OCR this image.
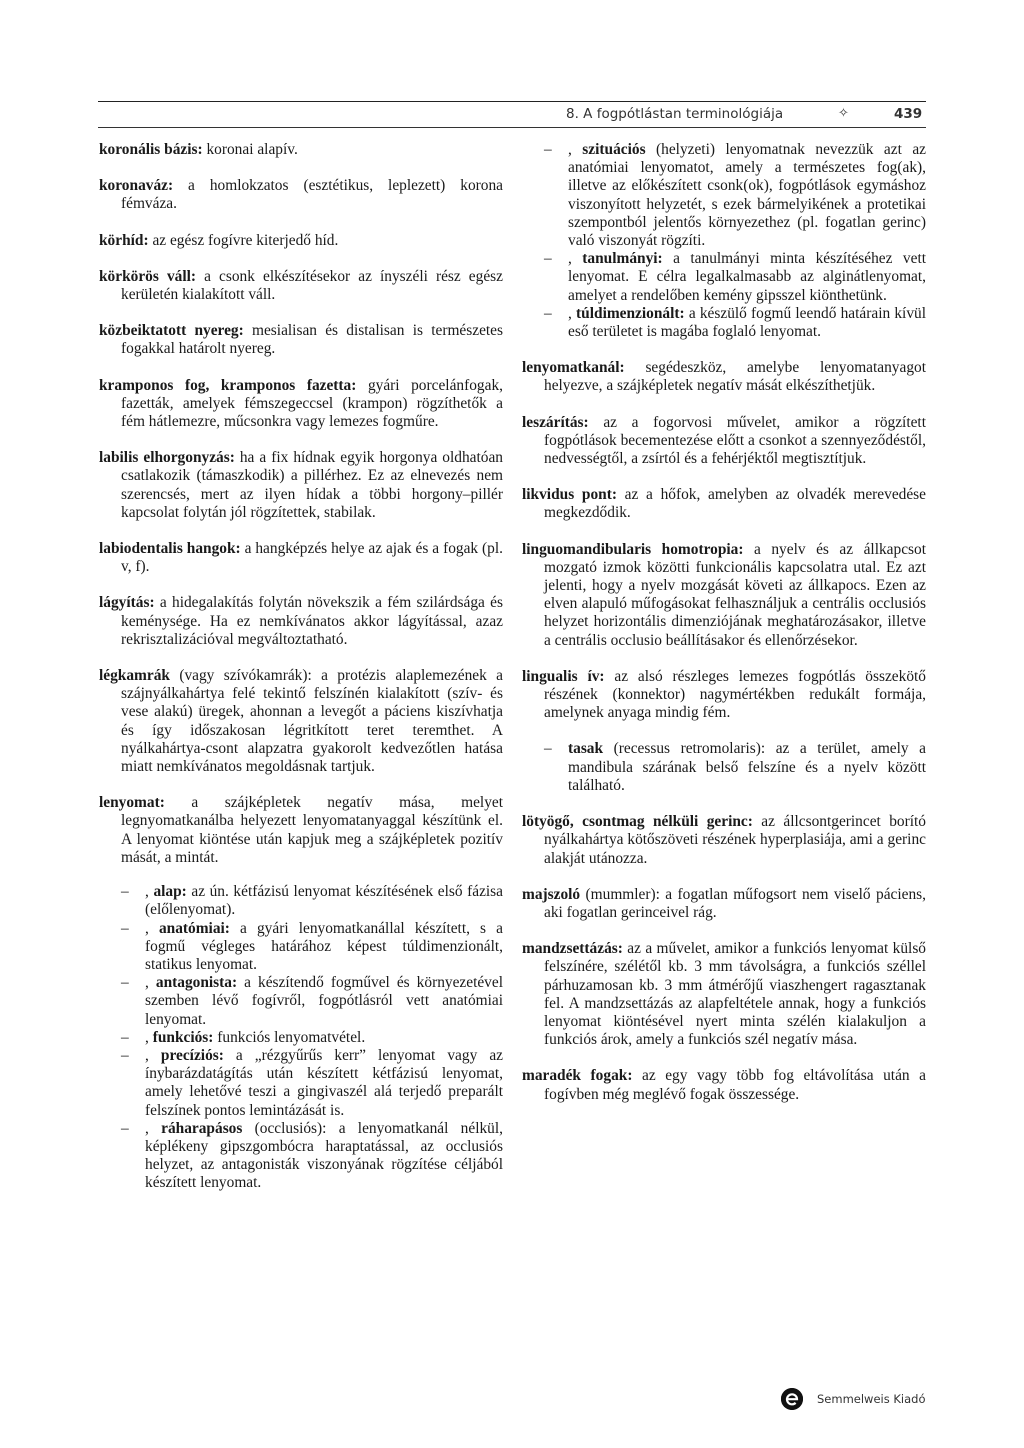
8. A fogpótlástan terminológiája	✧	439

koronális bázis: koronai alapív.

koronaváz: a homlokzatos (esztétikus, leplezett) korona fémváza.

körhíd: az egész fogívre kiterjedő híd.

körkörös váll: a csonk elkészítésekor az ínyszéli rész egész kerületén kialakított váll.

közbeiktatott nyereg: mesialisan és distalisan is természetes fogakkal határolt nyereg.

kramponos fog, kramponos fazetta: gyári porcelánfogak, fazetták, amelyek fémszegeccsel (krampon) rögzíthetők a fém hátlemezre, műcsonkra vagy lemezes fogműre.

labilis elhorgonyzás: ha a fix hídnak egyik horgonya oldhatóan csatlakozik (támaszkodik) a pillérhez. Ez az elnevezés nem szerencsés, mert az ilyen hídak a többi horgony–pillér kapcsolat folytán jól rögzítettek, stabilak.

labiodentalis hangok: a hangképzés helye az ajak és a fogak (pl. v, f).

lágyítás: a hidegalakítás folytán növekszik a fém szilárdsága és keménysége. Ha ez nemkívánatos akkor lágyítással, azaz rekrisztalizációval megváltoztatható.

légkamrák (vagy szívókamrák): a protézis alaplemezének a szájnyálkahártya felé tekintő felszínén kialakított (szív- és vese alakú) üregek, ahonnan a levegőt a páciens kiszívhatja és így időszakosan légritkított teret teremthet. A nyálkahártya-csont alapzatra gyakorolt kedvezőtlen hatása miatt nemkívánatos megoldásnak tartjuk.

lenyomat: a szájképletek negatív mása, melyet legnyomatkanálba helyezett lenyomatanyaggal készítünk el. A lenyomat kiöntése után kapjuk meg a szájképletek pozitív mását, a mintát.

– , alap: az ún. kétfázisú lenyomat készítésének első fázisa (előlenyomat).

– , anatómiai: a gyári lenyomatkanállal készített, s a fogmű végleges határához képest túldimenzionált, statikus lenyomat.

– , antagonista: a készítendő fogművel és környezetével szemben lévő fogívről, fogpótlásról vett anatómiai lenyomat.

– , funkciós: funkciós lenyomatvétel.

– , precíziós: a „rézgyűrűs kerr” lenyomat vagy az ínybarázdatágítás után készített kétfázisú lenyomat, amely lehetővé teszi a gingivaszél alá terjedő preparált felszínek pontos lemintázását is.

– , ráharapásos (occlusiós): a lenyomatkanál nélkül, képlékeny gipszgombócra haraptatással, az occlusiós helyzet, az antagonisták viszonyának rögzítése céljából készített lenyomat.

– , szituációs (helyzeti) lenyomatnak nevezzük azt az anatómiai lenyomatot, amely a természetes fog(ak), illetve az előkészített csonk(ok), fogpótlások egymáshoz viszonyított helyzetét, s ezek bármelyikének a protetikai szempontból jelentős környezethez (pl. fogatlan gerinc) való viszonyát rögzíti.

– , tanulmányi: a tanulmányi minta készítéséhez vett lenyomat. E célra legalkalmasabb az alginátlenyomat, amelyet a rendelőben kemény gipsszel kiönthetünk.

– , túldimenzionált: a készülő fogmű leendő határain kívül eső területet is magába foglaló lenyomat.

lenyomatkanál: segédeszköz, amelybe lenyomatanyagot helyezve, a szájképletek negatív mását elkészíthetjük.

leszárítás: az a fogorvosi művelet, amikor a rögzített fogpótlások becementezése előtt a csonkot a szennyeződéstől, nedvességtől, a zsírtól és a fehérjéktől megtisztítjuk.

likvidus pont: az a hőfok, amelyben az olvadék merevedése megkezdődik.

linguomandibularis homotropia: a nyelv és az állkapcsot mozgató izmok közötti funkcionális kapcsolatra utal. Ez azt jelenti, hogy a nyelv mozgását követi az állkapocs. Ezen az elven alapuló műfogásokat felhasználjuk a centrális occlusiós helyzet horizontális dimenziójának meghatározásakor, illetve a centrális occlusio beállításakor és ellenőrzésekor.

lingualis ív: az alsó részleges lemezes fogpótlás összekötő részének (konnektor) nagymértékben redukált formája, amelynek anyaga mindig fém.

– tasak (recessus retromolaris): az a terület, amely a mandibula szárának belső felszíne és a nyelv között található.

lötyögő, csontmag nélküli gerinc: az állcsontgerincet borító nyálkahártya kötőszöveti részének hyperplasiája, ami a gerinc alakját utánozza.

majszoló (mummler): a fogatlan műfogsort nem viselő páciens, aki fogatlan gerinceivel rág.

mandzsettázás: az a művelet, amikor a funkciós lenyomat külső felszínére, szélétől kb. 3 mm távolságra, a funkciós széllel párhuzamosan kb. 3 mm átmérőjű viaszhengert ragasztanak fel. A mandzsettázás az alapfeltétele annak, hogy a funkciós lenyomat kiöntésével nyert minta szélén kialakuljon a funkciós árok, amely a funkciós szél negatív mása.

maradék fogak: az egy vagy több fog eltávolítása után a fogívben még meglévő fogak összessége.

Semmelweis Kiadó
